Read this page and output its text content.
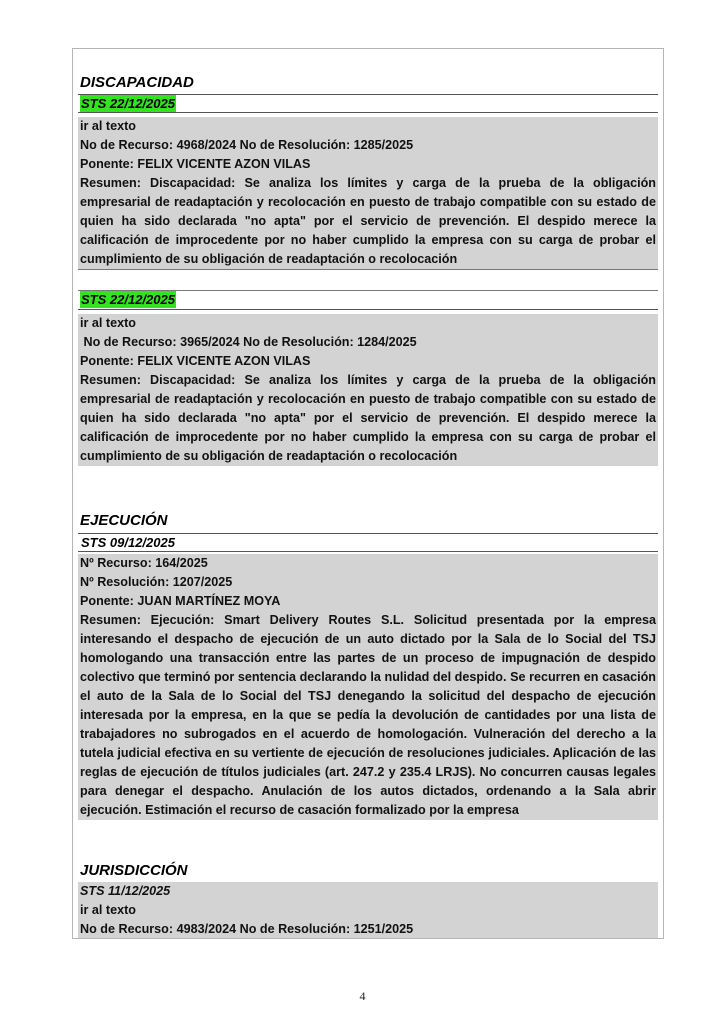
DISCAPACIDAD
STS 22/12/2025
ir al texto
No de Recurso: 4968/2024 No de Resolución: 1285/2025
Ponente: FELIX VICENTE AZON VILAS
Resumen: Discapacidad: Se analiza los límites y carga de la prueba de la obligación empresarial de readaptación y recolocación en puesto de trabajo compatible con su estado de quien ha sido declarada "no apta" por el servicio de prevención. El despido merece la calificación de improcedente por no haber cumplido la empresa con su carga de probar el cumplimiento de su obligación de readaptación o recolocación
STS 22/12/2025
ir al texto
No de Recurso: 3965/2024 No de Resolución: 1284/2025
Ponente: FELIX VICENTE AZON VILAS
Resumen: Discapacidad: Se analiza los límites y carga de la prueba de la obligación empresarial de readaptación y recolocación en puesto de trabajo compatible con su estado de quien ha sido declarada "no apta" por el servicio de prevención. El despido merece la calificación de improcedente por no haber cumplido la empresa con su carga de probar el cumplimiento de su obligación de readaptación o recolocación
EJECUCIÓN
STS 09/12/2025
Nº Recurso: 164/2025
Nº Resolución: 1207/2025
Ponente: JUAN MARTÍNEZ MOYA
Resumen: Ejecución: Smart Delivery Routes S.L. Solicitud presentada por la empresa interesando el despacho de ejecución de un auto dictado por la Sala de lo Social del TSJ homologando una transacción entre las partes de un proceso de impugnación de despido colectivo que terminó por sentencia declarando la nulidad del despido. Se recurren en casación el auto de la Sala de lo Social del TSJ denegando la solicitud del despacho de ejecución interesada por la empresa, en la que se pedía la devolución de cantidades por una lista de trabajadores no subrogados en el acuerdo de homologación. Vulneración del derecho a la tutela judicial efectiva en su vertiente de ejecución de resoluciones judiciales. Aplicación de las reglas de ejecución de títulos judiciales (art. 247.2 y 235.4 LRJS). No concurren causas legales para denegar el despacho. Anulación de los autos dictados, ordenando a la Sala abrir ejecución. Estimación el recurso de casación formalizado por la empresa
JURISDICCIÓN
STS 11/12/2025
ir al texto
No de Recurso: 4983/2024 No de Resolución: 1251/2025
4
